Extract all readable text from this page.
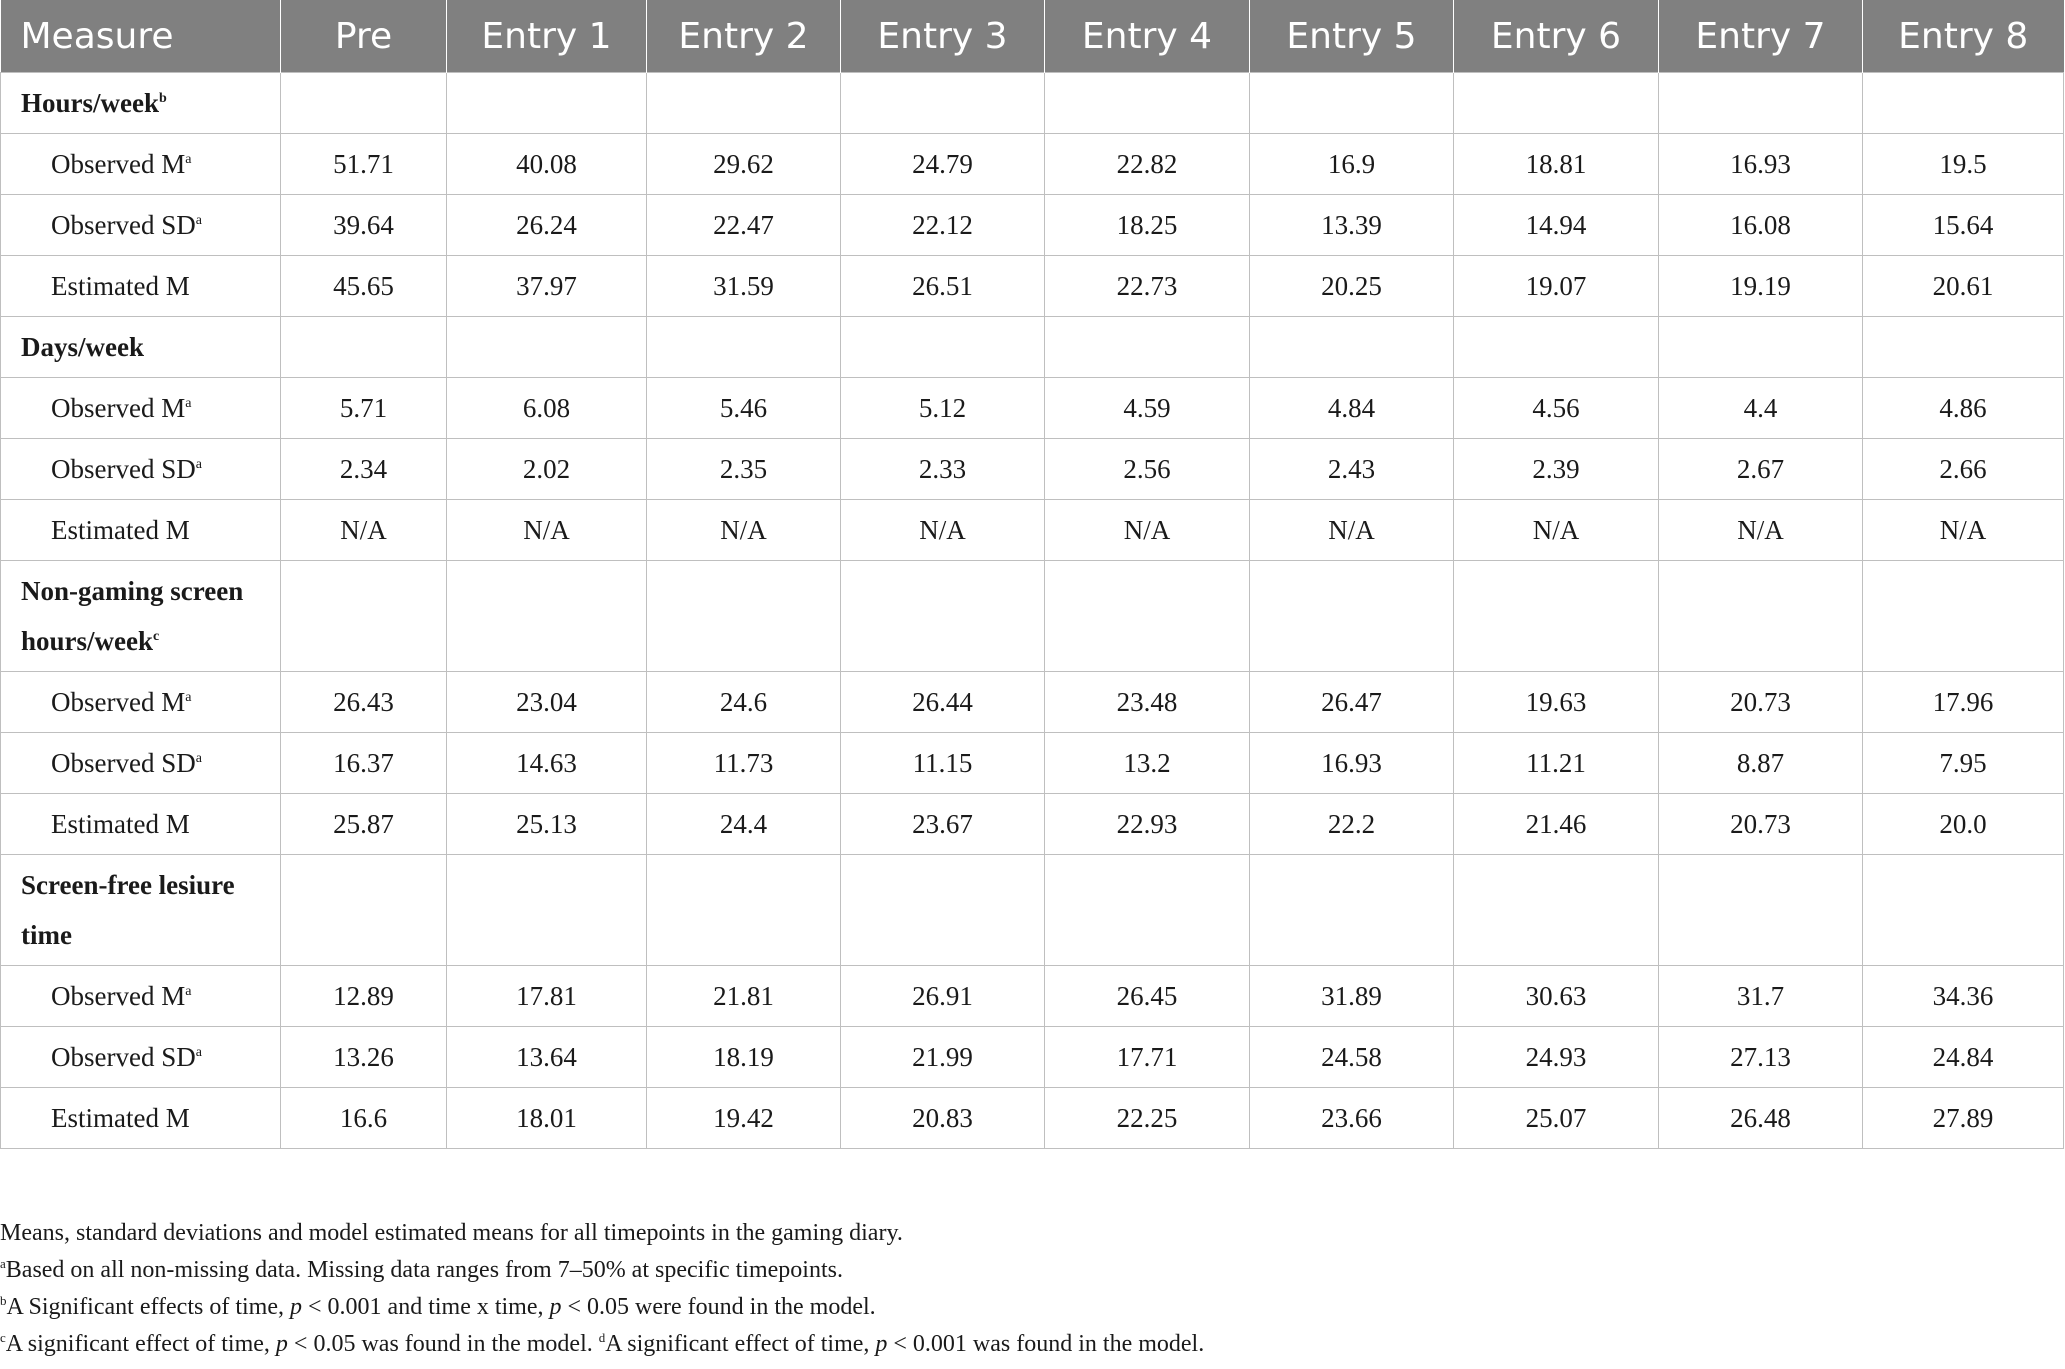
Measure	Pre	Entry 1	Entry 2	Entry 3	Entry 4	Entry 5	Entry 6	Entry 7	Entry 8
Hours/week$^b$									
Observed $M^a$	51.71	40.08	29.62	24.79	22.82	16.9	18.81	16.93	19.5
Observed $SD^a$	39.64	26.24	22.47	22.12	18.25	13.39	14.94	16.08	15.64
Estimated M	45.65	37.97	31.59	26.51	22.73	20.25	19.07	19.19	20.61
Days/week									
Observed $M^a$	5.71	6.08	5.46	5.12	4.59	4.84	4.56	4.4	4.86
Observed $SD^a$	2.34	2.02	2.35	2.33	2.56	2.43	2.39	2.67	2.66
Estimated M	N/A	N/A	N/A	N/A	N/A	N/A	N/A	N/A	N/A
Non-gaming screen
hours/week$^c$									
Observed $M^a$	26.43	23.04	24.6	26.44	23.48	26.47	19.63	20.73	17.96
Observed $SD^a$	16.37	14.63	11.73	11.15	13.2	16.93	11.21	8.87	7.95
Estimated M	25.87	25.13	24.4	23.67	22.93	22.2	21.46	20.73	20.0
Screen-free lesiure
time									
Observed $M^a$	12.89	17.81	21.81	26.91	26.45	31.89	30.63	31.7	34.36
Observed $SD^a$	13.26	13.64	18.19	21.99	17.71	24.58	24.93	27.13	24.84
Estimated M	16.6	18.01	19.42	20.83	22.25	23.66	25.07	26.48	27.89
Means, standard deviations and model estimated means for all timepoints in the gaming diary.
$^a$Based on all non-missing data. Missing data ranges from 7–50% at specific timepoints.
$^b$A Significant effects of time, p < 0.001 and time x time, p < 0.05 were found in the model.
$^c$A significant effect of time, p < 0.05 was found in the model. $^d$A significant effect of time, p < 0.001 was found in the model.
